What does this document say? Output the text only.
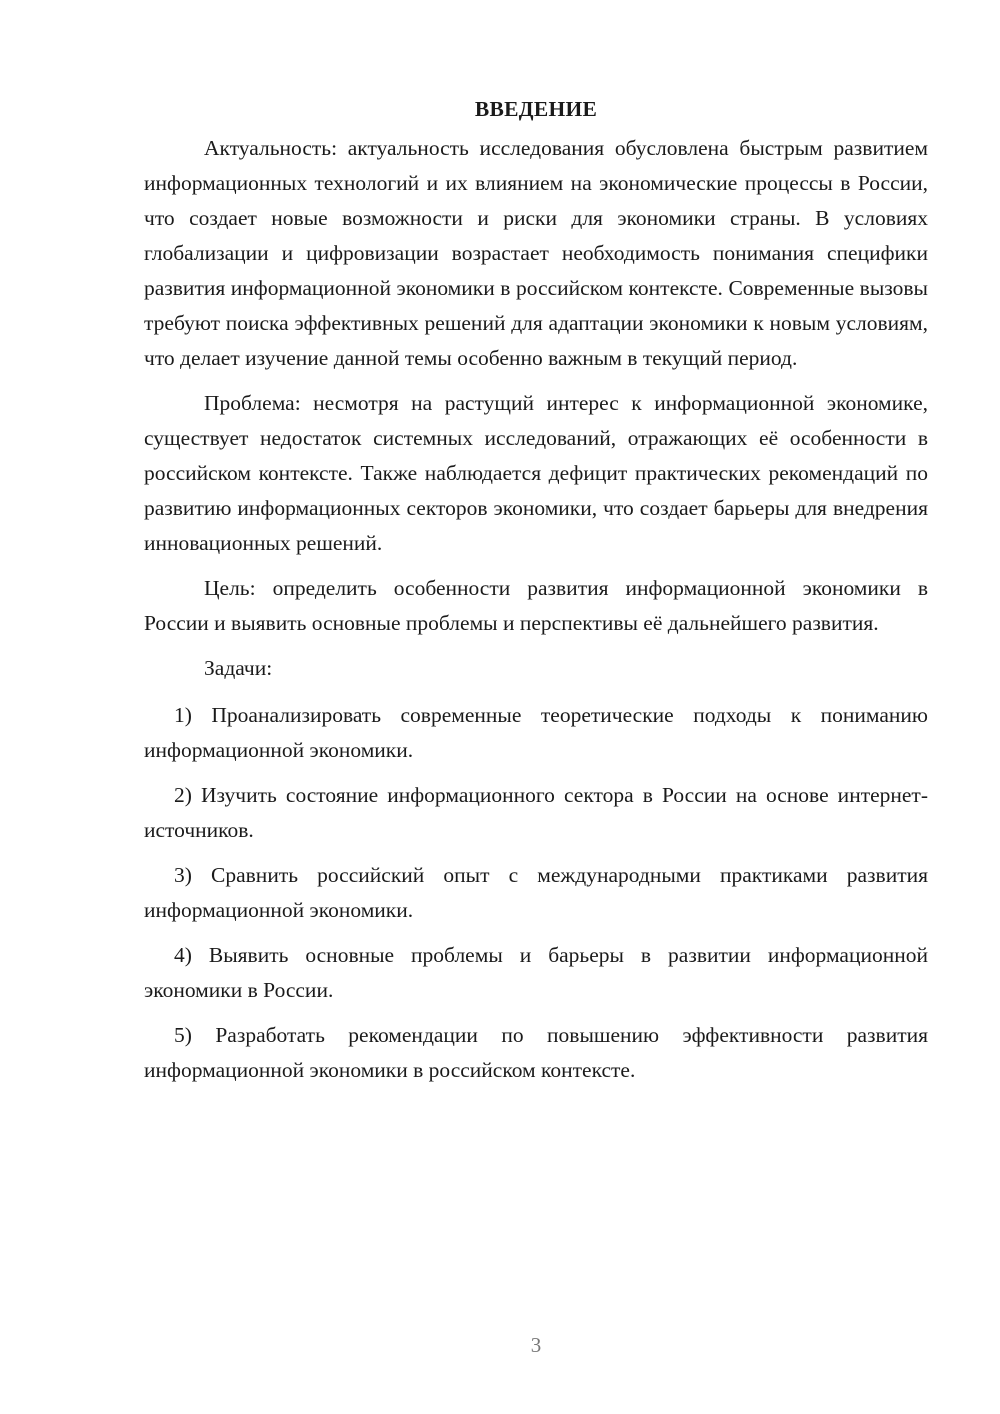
ВВЕДЕНИЕ

Актуальность: актуальность исследования обусловлена быстрым развитием информационных технологий и их влиянием на экономические процессы в России, что создает новые возможности и риски для экономики страны. В условиях глобализации и цифровизации возрастает необходимость понимания специфики развития информационной экономики в российском контексте. Современные вызовы требуют поиска эффективных решений для адаптации экономики к новым условиям, что делает изучение данной темы особенно важным в текущий период.

Проблема: несмотря на растущий интерес к информационной экономике, существует недостаток системных исследований, отражающих её особенности в российском контексте. Также наблюдается дефицит практических рекомендаций по развитию информационных секторов экономики, что создает барьеры для внедрения инновационных решений.

Цель: определить особенности развития информационной экономики в России и выявить основные проблемы и перспективы её дальнейшего развития.

Задачи:

1) Проанализировать современные теоретические подходы к пониманию информационной экономики.

2) Изучить состояние информационного сектора в России на основе интернет-источников.

3) Сравнить российский опыт с международными практиками развития информационной экономики.

4) Выявить основные проблемы и барьеры в развитии информационной экономики в России.

5) Разработать рекомендации по повышению эффективности развития информационной экономики в российском контексте.

3
